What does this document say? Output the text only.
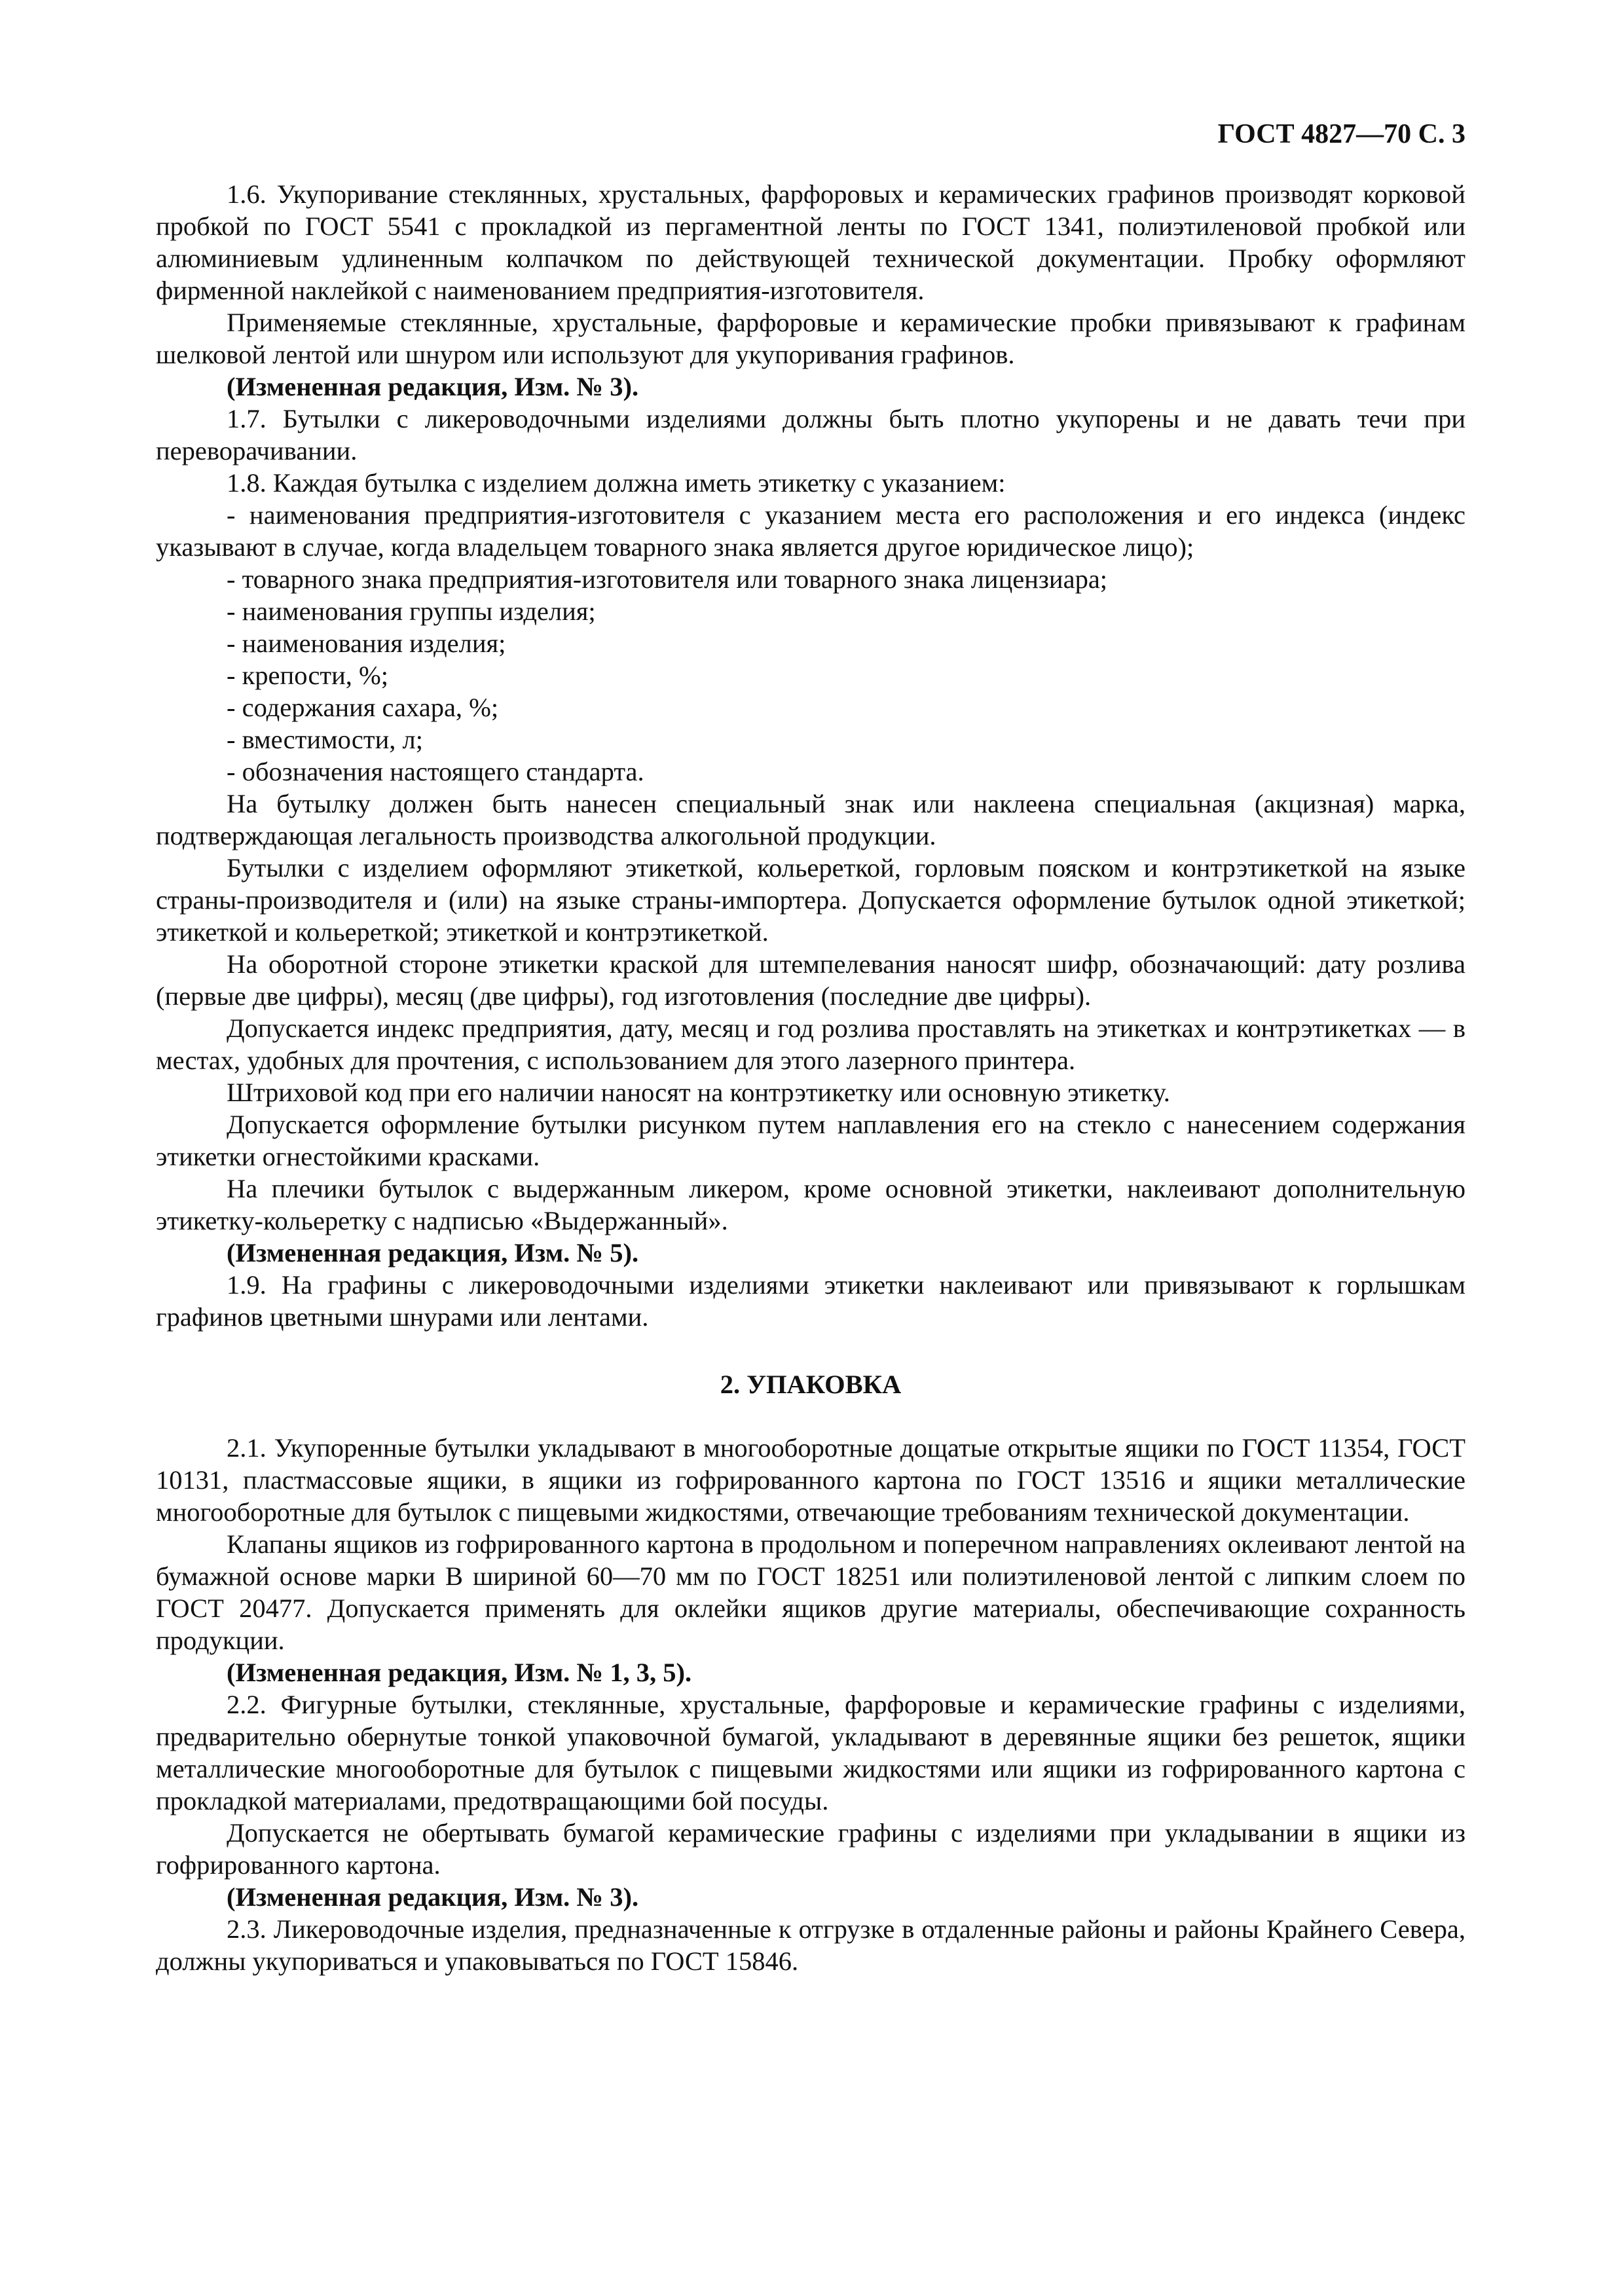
ГОСТ 4827—70 С. 3

1.6. Укупоривание стеклянных, хрустальных, фарфоровых и керамических графинов производят корковой пробкой по ГОСТ 5541 с прокладкой из пергаментной ленты по ГОСТ 1341, полиэтиленовой пробкой или алюминиевым удлиненным колпачком по действующей технической документации. Пробку оформляют фирменной наклейкой с наименованием предприятия-изготовителя.

Применяемые стеклянные, хрустальные, фарфоровые и керамические пробки привязывают к графинам шелковой лентой или шнуром или используют для укупоривания графинов.

(Измененная редакция, Изм. № 3).

1.7. Бутылки с ликероводочными изделиями должны быть плотно укупорены и не давать течи при переворачивании.

1.8. Каждая бутылка с изделием должна иметь этикетку с указанием:

- наименования предприятия-изготовителя с указанием места его расположения и его индекса (индекс указывают в случае, когда владельцем товарного знака является другое юридическое лицо);

- товарного знака предприятия-изготовителя или товарного знака лицензиара;

- наименования группы изделия;

- наименования изделия;

- крепости, %;

- содержания сахара, %;

- вместимости, л;

- обозначения настоящего стандарта.

На бутылку должен быть нанесен специальный знак или наклеена специальная (акцизная) марка, подтверждающая легальность производства алкогольной продукции.

Бутылки с изделием оформляют этикеткой, кольереткой, горловым пояском и контрэтикеткой на языке страны-производителя и (или) на языке страны-импортера. Допускается оформление бутылок одной этикеткой; этикеткой и кольереткой; этикеткой и контрэтикеткой.

На оборотной стороне этикетки краской для штемпелевания наносят шифр, обозначающий: дату розлива (первые две цифры), месяц (две цифры), год изготовления (последние две цифры).

Допускается индекс предприятия, дату, месяц и год розлива проставлять на этикетках и контрэтикетках — в местах, удобных для прочтения, с использованием для этого лазерного принтера.

Штриховой код при его наличии наносят на контрэтикетку или основную этикетку.

Допускается оформление бутылки рисунком путем наплавления его на стекло с нанесением содержания этикетки огнестойкими красками.

На плечики бутылок с выдержанным ликером, кроме основной этикетки, наклеивают дополнительную этикетку-кольеретку с надписью «Выдержанный».

(Измененная редакция, Изм. № 5).

1.9. На графины с ликероводочными изделиями этикетки наклеивают или привязывают к горлышкам графинов цветными шнурами или лентами.

2. УПАКОВКА

2.1. Укупоренные бутылки укладывают в многооборотные дощатые открытые ящики по ГОСТ 11354, ГОСТ 10131, пластмассовые ящики, в ящики из гофрированного картона по ГОСТ 13516 и ящики металлические многооборотные для бутылок с пищевыми жидкостями, отвечающие требованиям технической документации.

Клапаны ящиков из гофрированного картона в продольном и поперечном направлениях оклеивают лентой на бумажной основе марки В шириной 60—70 мм по ГОСТ 18251 или полиэтиленовой лентой с липким слоем по ГОСТ 20477. Допускается применять для оклейки ящиков другие материалы, обеспечивающие сохранность продукции.

(Измененная редакция, Изм. № 1, 3, 5).

2.2. Фигурные бутылки, стеклянные, хрустальные, фарфоровые и керамические графины с изделиями, предварительно обернутые тонкой упаковочной бумагой, укладывают в деревянные ящики без решеток, ящики металлические многооборотные для бутылок с пищевыми жидкостями или ящики из гофрированного картона с прокладкой материалами, предотвращающими бой посуды.

Допускается не обертывать бумагой керамические графины с изделиями при укладывании в ящики из гофрированного картона.

(Измененная редакция, Изм. № 3).

2.3. Ликероводочные изделия, предназначенные к отгрузке в отдаленные районы и районы Крайнего Севера, должны укупориваться и упаковываться по ГОСТ 15846.
